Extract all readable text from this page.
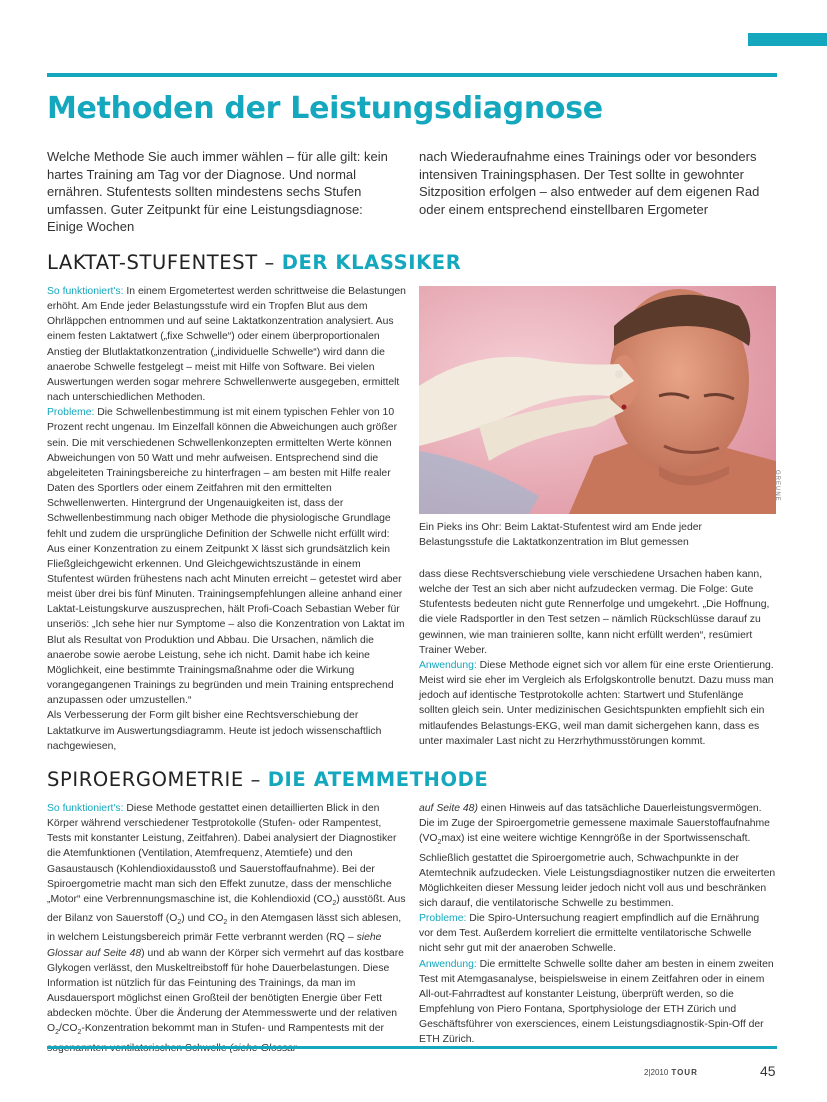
Methoden der Leistungsdiagnose

Welche Methode Sie auch immer wählen – für alle gilt: kein hartes Training am Tag vor der Diagnose. Und normal ernähren. Stufentests sollten mindestens sechs Stufen umfassen. Guter Zeitpunkt für eine Leistungsdiagnose: Einige Wochen

nach Wiederaufnahme eines Trainings oder vor besonders intensiven Trainingsphasen. Der Test sollte in gewohnter Sitzposition erfolgen – also entweder auf dem eigenen Rad oder einem entsprechend einstellbaren Ergometer

LAKTAT-STUFENTEST – DER KLASSIKER

So funktioniert's: In einem Ergometertest werden schrittweise die Belastungen erhöht. Am Ende jeder Belastungsstufe wird ein Tropfen Blut aus dem Ohrläppchen entnommen und auf seine Laktatkonzentration analysiert. Aus einem festen Laktatwert („fixe Schwelle“) oder einem überproportionalen Anstieg der Blutlaktatkonzentration („individuelle Schwelle“) wird dann die anaerobe Schwelle festgelegt – meist mit Hilfe von Software. Bei vielen Auswertungen werden sogar mehrere Schwellenwerte ausgegeben, ermittelt nach unterschiedlichen Methoden.

Probleme: Die Schwellenbestimmung ist mit einem typischen Fehler von 10 Prozent recht ungenau. Im Einzelfall können die Abweichungen auch größer sein. Die mit verschiedenen Schwellenkonzepten ermittelten Werte können Abweichungen von 50 Watt und mehr aufweisen. Entsprechend sind die abgeleiteten Trainingsbereiche zu hinterfragen – am besten mit Hilfe realer Daten des Sportlers oder einem Zeitfahren mit den ermittelten Schwellenwerten. Hintergrund der Ungenauigkeiten ist, dass der Schwellenbestimmung nach obiger Methode die physiologische Grundlage fehlt und zudem die ursprüngliche Definition der Schwelle nicht erfüllt wird: Aus einer Konzentration zu einem Zeitpunkt X lässt sich grundsätzlich kein Fließgleichgewicht erkennen. Und Gleichgewichtszustände in einem Stufentest würden frühestens nach acht Minuten erreicht – getestet wird aber meist über drei bis fünf Minuten. Trainingsempfehlungen alleine anhand einer Laktat-Leistungskurve auszusprechen, hält Profi-Coach Sebastian Weber für unseriös: „Ich sehe hier nur Symptome – also die Konzentration von Laktat im Blut als Resultat von Produktion und Abbau. Die Ursachen, nämlich die anaerobe sowie aerobe Leistung, sehe ich nicht. Damit habe ich keine Möglichkeit, eine bestimmte Trainingsmaßnahme oder die Wirkung vorangegangenen Trainings zu begründen und mein Training entsprechend anzupassen oder umzustellen.“

Als Verbesserung der Form gilt bisher eine Rechtsverschiebung der Laktatkurve im Auswertungsdiagramm. Heute ist jedoch wissenschaftlich nachgewiesen,

GREUNE

Ein Pieks ins Ohr: Beim Laktat-Stufentest wird am Ende jeder Belastungsstufe die Laktatkonzentration im Blut gemessen

dass diese Rechtsverschiebung viele verschiedene Ursachen haben kann, welche der Test an sich aber nicht aufzudecken vermag. Die Folge: Gute Stufentests bedeuten nicht gute Rennerfolge und umgekehrt. „Die Hoffnung, die viele Radsportler in den Test setzen – nämlich Rückschlüsse darauf zu gewinnen, wie man trainieren sollte, kann nicht erfüllt werden“, resümiert Trainer Weber.

Anwendung: Diese Methode eignet sich vor allem für eine erste Orientierung. Meist wird sie eher im Vergleich als Erfolgskontrolle benutzt. Dazu muss man jedoch auf identische Testprotokolle achten: Startwert und Stufenlänge sollten gleich sein. Unter medizinischen Gesichtspunkten empfiehlt sich ein mitlaufendes Belastungs-EKG, weil man damit sichergehen kann, dass es unter maximaler Last nicht zu Herzrhythmusstörungen kommt.

SPIROERGOMETRIE – DIE ATEMMETHODE

So funktioniert's: Diese Methode gestattet einen detaillierten Blick in den Körper während verschiedener Testprotokolle (Stufen- oder Rampentest, Tests mit konstanter Leistung, Zeitfahren). Dabei analysiert der Diagnostiker die Atemfunktionen (Ventilation, Atemfrequenz, Atemtiefe) und den Gasaustausch (Kohlendioxidausstoß und Sauerstoffaufnahme). Bei der Spiroergometrie macht man sich den Effekt zunutze, dass der menschliche „Motor“ eine Verbrennungsmaschine ist, die Kohlendioxid $(CO_2)$ ausstößt. Aus der Bilanz von Sauerstoff $(O_2)$ und $CO_2$ in den Atemgasen lässt sich ablesen, in welchem Leistungsbereich primär Fette verbrannt werden (RQ – siehe Glossar auf Seite 48) und ab wann der Körper sich vermehrt auf das kostbare Glykogen verlässt, den Muskeltreibstoff für hohe Dauerbelastungen. Diese Information ist nützlich für das Feintuning des Trainings, da man im Ausdauersport möglichst einen Großteil der benötigten Energie über Fett abdecken möchte. Über die Änderung der Atemmesswerte und der relativen $O_2/CO_2$-Konzentration bekommt man in Stufen- und Rampentests mit der

auf Seite 48) einen Hinweis auf das tatsächliche Dauerleistungsvermögen. Die im Zuge der Spiroergometrie gemessene maximale Sauerstoffaufnahme $(VO_2\max)$ ist eine weitere wichtige Kenngröße in der Sportwissenschaft. Schließlich gestattet die Spiroergometrie auch, Schwachpunkte in der Atemtechnik aufzudecken. Viele Leistungsdiagnostiker nutzen die erweiterten Möglichkeiten dieser Messung leider jedoch nicht voll aus und beschränken sich darauf, die ventilatorische Schwelle zu bestimmen.

Probleme: Die Spiro-Untersuchung reagiert empfindlich auf die Ernährung vor dem Test. Außerdem korreliert die ermittelte ventilatorische Schwelle nicht sehr gut mit der anaeroben Schwelle.

Anwendung: Die ermittelte Schwelle sollte daher am besten in einem zweiten Test mit Atemgasanalyse, beispielsweise in einem Zeitfahren oder in einem All-out-Fahrradtest auf konstanter Leistung, überprüft werden, so die Empfehlung von Piero Fontana, Sportphysiologe der ETH Zürich und Geschäftsführer von exersciences, einem Leistungsdiagnostik-Spin-Off der ETH Zürich.

2|2010 TOUR	45
